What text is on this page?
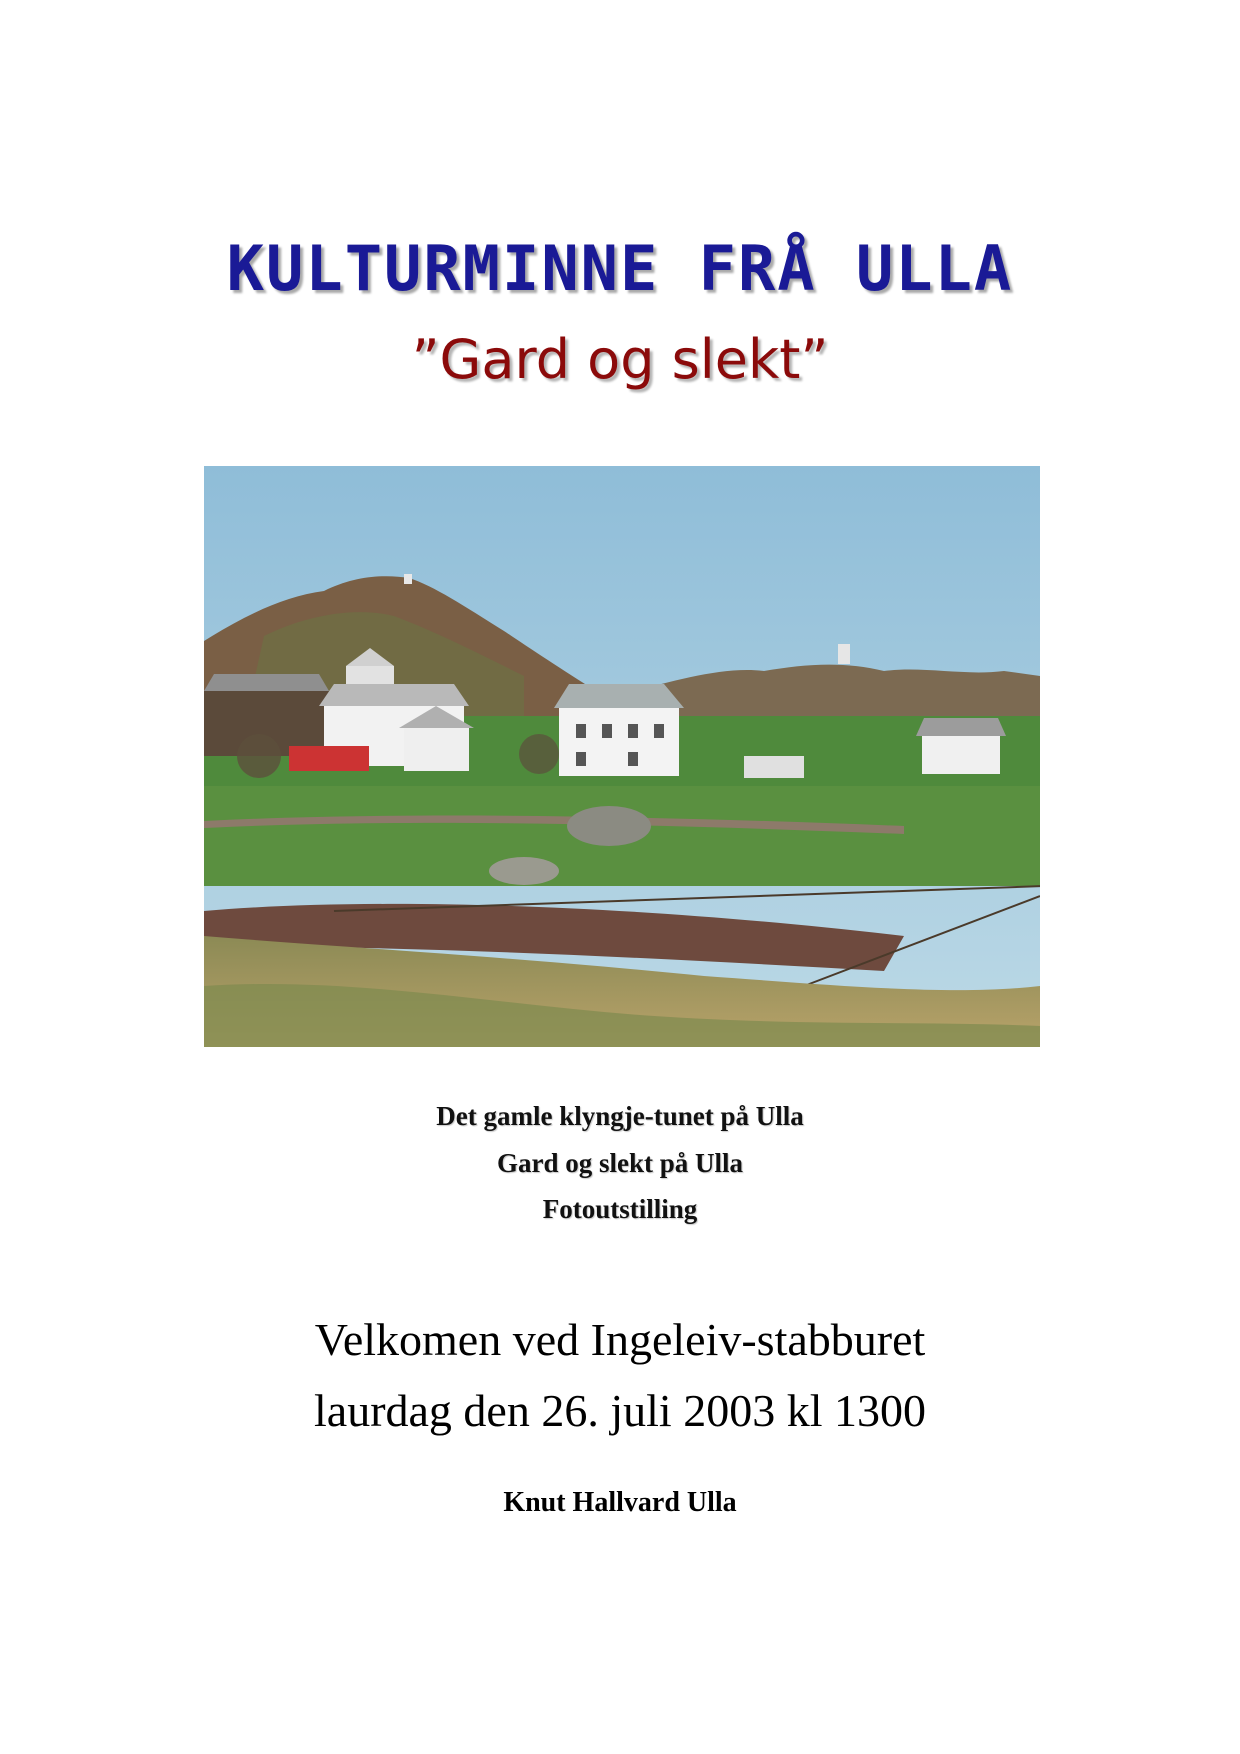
KULTURMINNE FRÅ ULLA
”Gard og slekt”
Det gamle klyngje-tunet på Ulla
Gard og slekt på Ulla
Fotoutstilling
Velkomen ved Ingeleiv-stabburet
laurdag den 26. juli 2003 kl 1300
Knut Hallvard Ulla
